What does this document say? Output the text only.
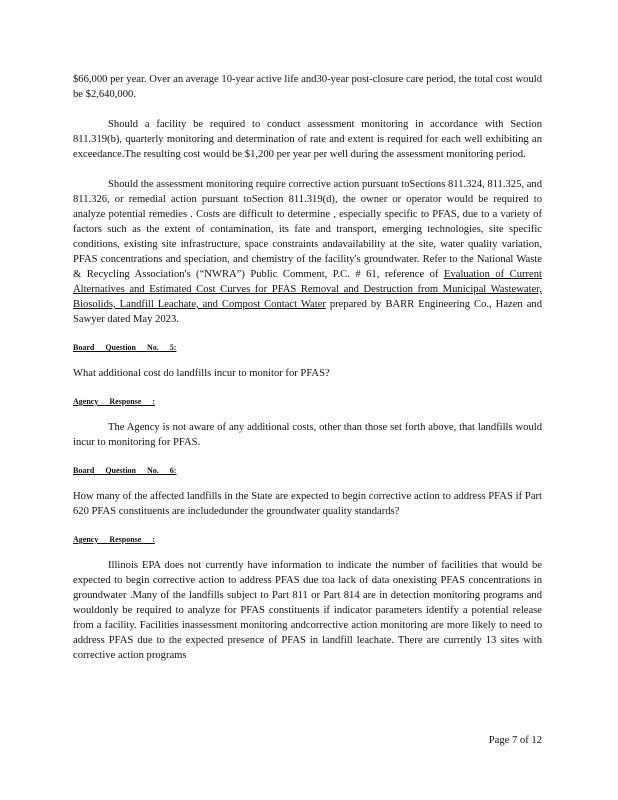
$66,000 per year. Over an average 10-year active life and30-year post-closure care period, the total cost would be $2,640,000.

Should a facility be required to conduct assessment monitoring in accordance with Section 811.319(b), quarterly monitoring and determination of rate and extent is required for each well exhibiting an exceedance.The resulting cost would be $1,200 per year per well during the assessment monitoring period.

Should the assessment monitoring require corrective action pursuant toSections 811.324, 811.325, and 811.326, or remedial action pursuant toSection 811.319(d), the owner or operator would be required to analyze potential remedies . Costs are difficult to determine , especially specific to PFAS, due to a variety of factors such as the extent of contamination, its fate and transport, emerging technologies, site specific conditions, existing site infrastructure, space constraints andavailability at the site, water quality variation, PFAS concentrations and speciation, and chemistry of the facility's groundwater. Refer to the National Waste & Recycling Association's (“NWRA”) Public Comment, P.C. # 61, reference of Evaluation of Current Alternatives and Estimated Cost Curves for PFAS Removal and Destruction from Municipal Wastewater, Biosolids, Landfill Leachate, and Compost Contact Water prepared by BARR Engineering Co., Hazen and Sawyer dated May 2023.

Board Question No. 5:

What additional cost do landfills incur to monitor for PFAS?

Agency Response :

The Agency is not aware of any additional costs, other than those set forth above, that landfills would incur to monitoring for PFAS.

Board Question No. 6:

How many of the affected landfills in the State are expected to begin corrective action to address PFAS if Part 620 PFAS constituents are includedunder the groundwater quality standards?

Agency Response :

Illinois EPA does not currently have information to indicate the number of facilities that would be expected to begin corrective action to address PFAS due toa lack of data onexisting PFAS concentrations in groundwater .Many of the landfills subject to Part 811 or Part 814 are in detection monitoring programs and wouldonly be required to analyze for PFAS constituents if indicator parameters identify a potential release from a facility. Facilities inassessment monitoring andcorrective action monitoring are more likely to need to address PFAS due to the expected presence of PFAS in landfill leachate. There are currently 13 sites with corrective action programs

Page 7 of 12
